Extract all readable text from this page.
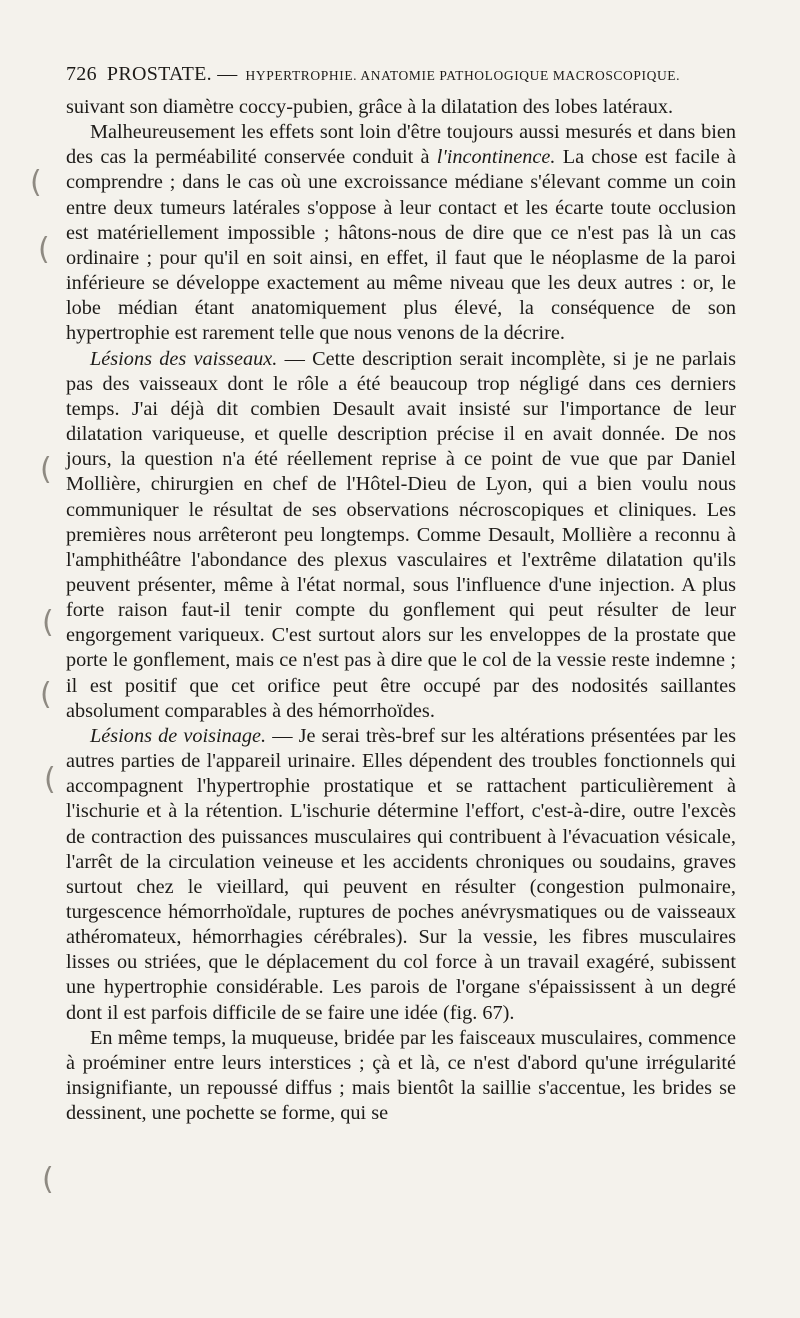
(
(
(
(
(
(
(
726 PROSTATE. — HYPERTROPHIE. ANATOMIE PATHOLOGIQUE MACROSCOPIQUE.

suivant son diamètre coccy-pubien, grâce à la dilatation des lobes latéraux.

Malheureusement les effets sont loin d'être toujours aussi mesurés et dans bien des cas la perméabilité conservée conduit à l'incontinence. La chose est facile à comprendre ; dans le cas où une excroissance médiane s'élevant comme un coin entre deux tumeurs latérales s'oppose à leur contact et les écarte toute occlusion est matériellement impossible ; hâtons-nous de dire que ce n'est pas là un cas ordinaire ; pour qu'il en soit ainsi, en effet, il faut que le néoplasme de la paroi inférieure se développe exactement au même niveau que les deux autres : or, le lobe médian étant anatomiquement plus élevé, la conséquence de son hypertrophie est rarement telle que nous venons de la décrire.

Lésions des vaisseaux. — Cette description serait incomplète, si je ne parlais pas des vaisseaux dont le rôle a été beaucoup trop négligé dans ces derniers temps. J'ai déjà dit combien Desault avait insisté sur l'importance de leur dilatation variqueuse, et quelle description précise il en avait donnée. De nos jours, la question n'a été réellement reprise à ce point de vue que par Daniel Mollière, chirurgien en chef de l'Hôtel-Dieu de Lyon, qui a bien voulu nous communiquer le résultat de ses observations nécroscopiques et cliniques. Les premières nous arrêteront peu longtemps. Comme Desault, Mollière a reconnu à l'amphithéâtre l'abondance des plexus vasculaires et l'extrême dilatation qu'ils peuvent présenter, même à l'état normal, sous l'influence d'une injection. A plus forte raison faut-il tenir compte du gonflement qui peut résulter de leur engorgement variqueux. C'est surtout alors sur les enveloppes de la prostate que porte le gonflement, mais ce n'est pas à dire que le col de la vessie reste indemne ; il est positif que cet orifice peut être occupé par des nodosités saillantes absolument comparables à des hémorrhoïdes.

Lésions de voisinage. — Je serai très-bref sur les altérations présentées par les autres parties de l'appareil urinaire. Elles dépendent des troubles fonctionnels qui accompagnent l'hypertrophie prostatique et se rattachent particulièrement à l'ischurie et à la rétention. L'ischurie détermine l'effort, c'est-à-dire, outre l'excès de contraction des puissances musculaires qui contribuent à l'évacuation vésicale, l'arrêt de la circulation veineuse et les accidents chroniques ou soudains, graves surtout chez le vieillard, qui peuvent en résulter (congestion pulmonaire, turgescence hémorrhoïdale, ruptures de poches anévrysmatiques ou de vaisseaux athéromateux, hémorrhagies cérébrales). Sur la vessie, les fibres musculaires lisses ou striées, que le déplacement du col force à un travail exagéré, subissent une hypertrophie considérable. Les parois de l'organe s'épaississent à un degré dont il est parfois difficile de se faire une idée (fig. 67).

En même temps, la muqueuse, bridée par les faisceaux musculaires, commence à proéminer entre leurs interstices ; çà et là, ce n'est d'abord qu'une irrégularité insignifiante, un repoussé diffus ; mais bientôt la saillie s'accentue, les brides se dessinent, une pochette se forme, qui se
